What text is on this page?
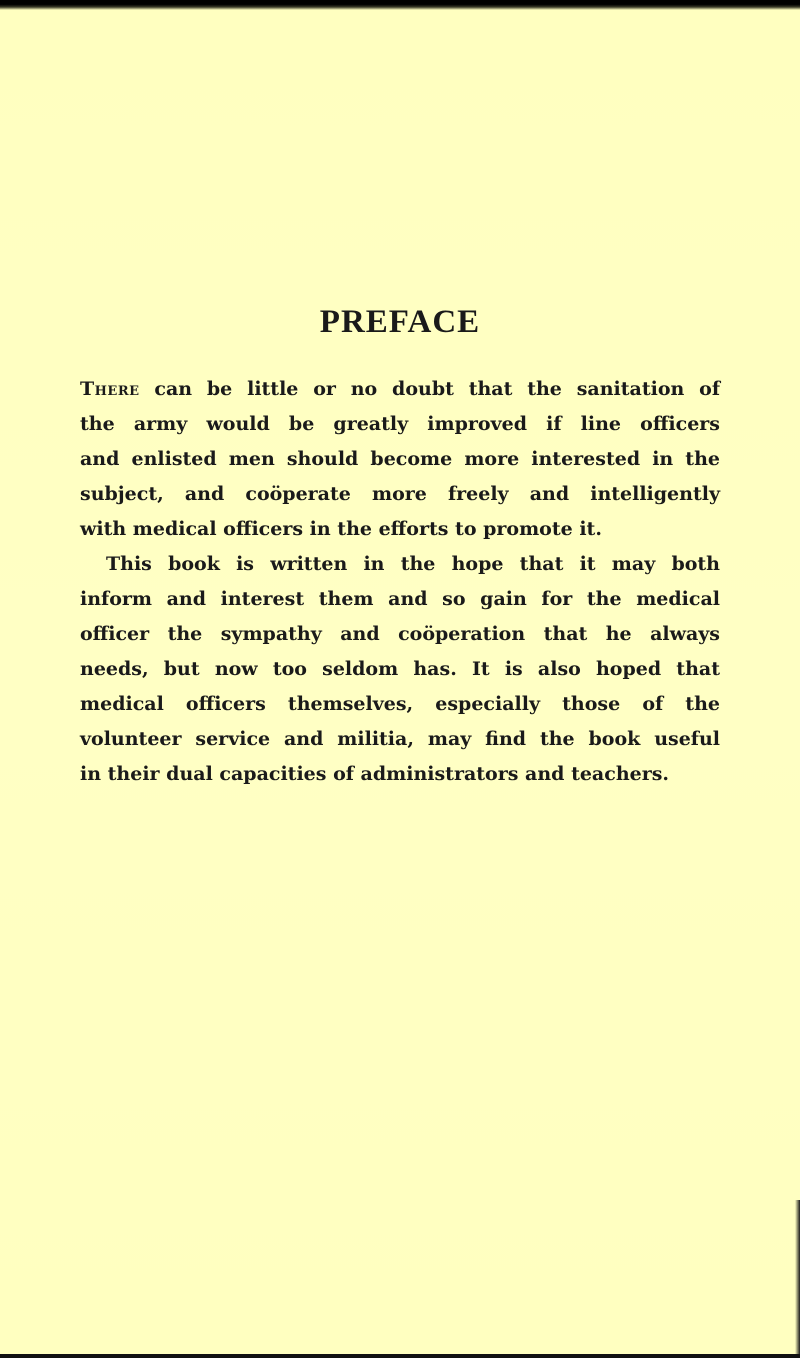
PREFACE
There can be little or no doubt that the sanitation of
the army would be greatly improved if line officers
and enlisted men should become more interested in the
subject, and coöperate more freely and intelligently
with medical officers in the efforts to promote it.
This book is written in the hope that it may both
inform and interest them and so gain for the medical
officer the sympathy and coöperation that he always
needs, but now too seldom has. It is also hoped that
medical officers themselves, especially those of the
volunteer service and militia, may find the book useful
in their dual capacities of administrators and teachers.
